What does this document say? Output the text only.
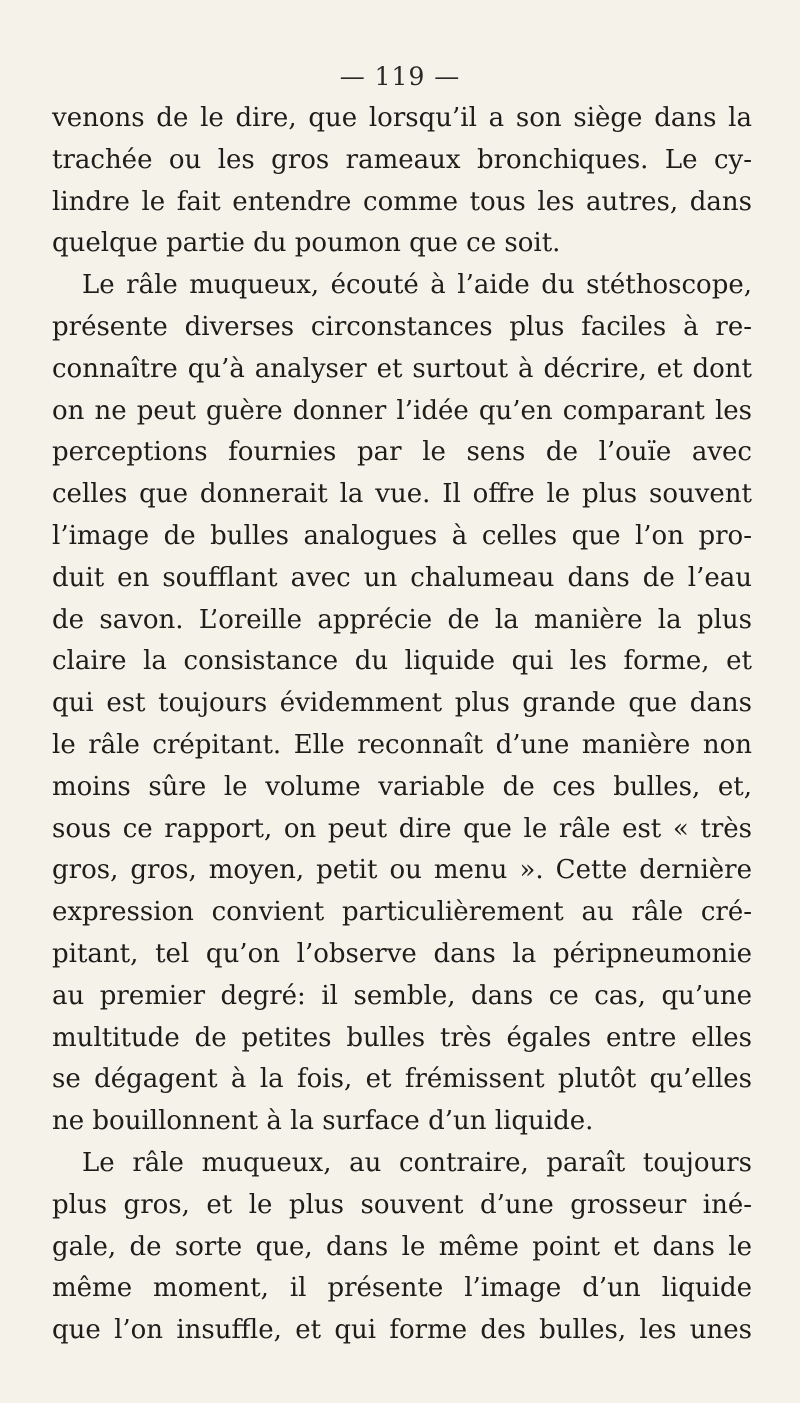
— 119 —
venons de le dire, que lorsqu’il a son siège dans la
trachée ou les gros rameaux bronchiques. Le cy-
lindre le fait entendre comme tous les autres, dans
quelque partie du poumon que ce soit.
Le râle muqueux, écouté à l’aide du stéthoscope,
présente diverses circonstances plus faciles à re-
connaître qu’à analyser et surtout à décrire, et dont
on ne peut guère donner l’idée qu’en comparant les
perceptions fournies par le sens de l’ouïe avec
celles que donnerait la vue. Il offre le plus souvent
l’image de bulles analogues à celles que l’on pro-
duit en soufflant avec un chalumeau dans de l’eau
de savon. L’oreille apprécie de la manière la plus
claire la consistance du liquide qui les forme, et
qui est toujours évidemment plus grande que dans
le râle crépitant. Elle reconnaît d’une manière non
moins sûre le volume variable de ces bulles, et,
sous ce rapport, on peut dire que le râle est « très
gros, gros, moyen, petit ou menu ». Cette dernière
expression convient particulièrement au râle cré-
pitant, tel qu’on l’observe dans la péripneumonie
au premier degré: il semble, dans ce cas, qu’une
multitude de petites bulles très égales entre elles
se dégagent à la fois, et frémissent plutôt qu’elles
ne bouillonnent à la surface d’un liquide.
Le râle muqueux, au contraire, paraît toujours
plus gros, et le plus souvent d’une grosseur iné-
gale, de sorte que, dans le même point et dans le
même moment, il présente l’image d’un liquide
que l’on insuffle, et qui forme des bulles, les unes
